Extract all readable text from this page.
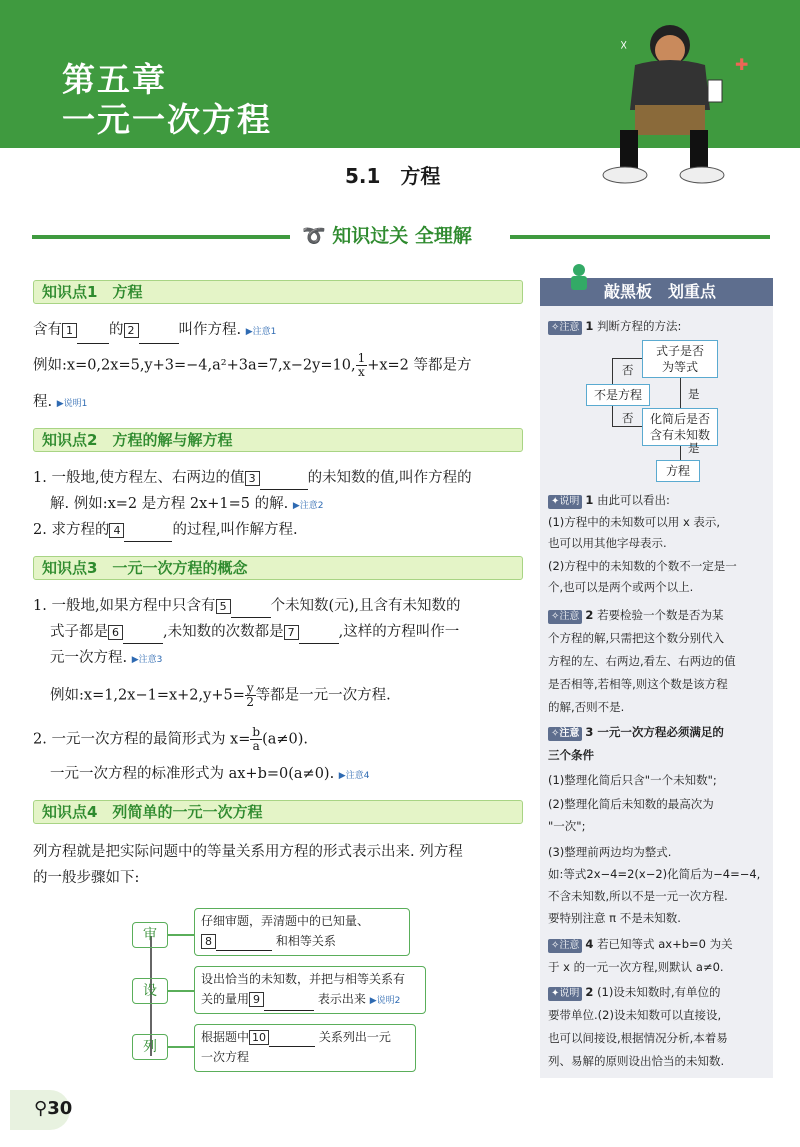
第五章
一元一次方程
✚
☓
5.1　方程
➰ 知识过关 全理解
知识点1　方程
含有 1 的 2	叫作方程. ▶注意1
例如:x=0,2x=5,y+3=−4,a²+3a=7,x−2y=10, $\frac{1}{x} +x=2$ 等都是方
程. ▶说明1
知识点2　方程的解与解方程
1. 一般地,使方程左、右两边的值 3	的未知数的值,叫作方程的
解. 例如:x=2 是方程 2x+1=5 的解. ▶注意2
2. 求方程的 4	的过程,叫作解方程.
知识点3　一元一次方程的概念
1. 一般地,如果方程中只含有 5	个未知数(元),且含有未知数的
式子都是 6	,未知数的次数都是 7	,这样的方程叫作一
元一次方程. ▶注意3
例如:x=1,2x−1=x+2,y+5= $\frac{y}{2}$ 等都是一元一次方程.
2. 一元一次方程的最简形式为 $x= \frac{b}{a} (a\ne 0)$.
一元一次方程的标准形式为 ax+b=0(a≠0). ▶注意4
知识点4　列简单的一元一次方程
列方程就是把实际问题中的等量关系用方程的形式表示出来. 列方程
的一般步骤如下:
审
仔细审题，弄清题中的已知量、
8	和相等关系
设
设出恰当的未知数，并把与相等关系有
关的量用 9	表示出来 ▶说明2
列
根据题中 10	关系列出一元
一次方程
敲黑板　划重点
✧注意 1 判断方程的方法:
式子是否
为等式
否
不是方程	是
化简后是否
含有未知数
否
是
方程
✦说明 1 由此可以看出:
(1)方程中的未知数可以用 x 表示,
也可以用其他字母表示.
(2)方程中的未知数的个数不一定是一
个,也可以是两个或两个以上.
✧注意 2 若要检验一个数是否为某
个方程的解,只需把这个数分别代入
方程的左、右两边,看左、右两边的值
是否相等,若相等,则这个数是该方程
的解,否则不是.
✧注意 3 一元一次方程必须满足的
三个条件
(1)整理化简后只含"一个未知数";
(2)整理化简后未知数的最高次为
"一次";
(3)整理前两边均为整式.
如:等式2x−4=2(x−2)化简后为−4=−4,
不含未知数,所以不是一元一次方程.
要特别注意 π 不是未知数.
✧注意 4 若已知等式 ax+b=0 为关
于 x 的一元一次方程,则默认 a≠0.
✦说明 2 (1)设未知数时,有单位的
要带单位.(2)设未知数可以直接设,
也可以间接设,根据情况分析,本着易
列、易解的原则设出恰当的未知数.
⚲30
